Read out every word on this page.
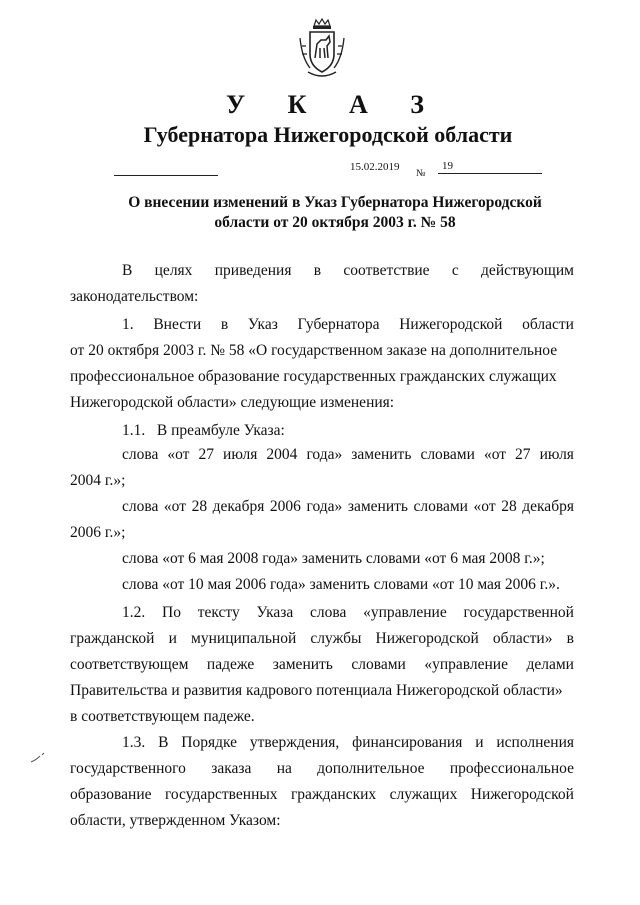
У К А З
Губернатора Нижегородской области
15.02.2019
№
19
О внесении изменений в Указ Губернатора Нижегородской
области от 20 октября 2003 г. № 58
В целях приведения в соответствие с действующим
законодательством:
1. Внести в Указ Губернатора Нижегородской области
от 20 октября 2003 г. № 58 «О государственном заказе на дополнительное
профессиональное образование государственных гражданских служащих
Нижегородской области» следующие изменения:
1.1.   В преамбуле Указа:
слова «от 27 июля 2004 года» заменить словами «от 27 июля
2004 г.»;
слова «от 28 декабря 2006 года» заменить словами «от 28 декабря
2006 г.»;
слова «от 6 мая 2008 года» заменить словами «от 6 мая 2008 г.»;
слова «от 10 мая 2006 года» заменить словами «от 10 мая 2006 г.».
1.2. По тексту Указа слова «управление государственной
гражданской и муниципальной службы Нижегородской области» в
соответствующем падеже заменить словами «управление делами
Правительства и развития кадрового потенциала Нижегородской области»
в соответствующем падеже.
1.3. В Порядке утверждения, финансирования и исполнения
государственного заказа на дополнительное профессиональное
образование государственных гражданских служащих Нижегородской
области, утвержденном Указом:
